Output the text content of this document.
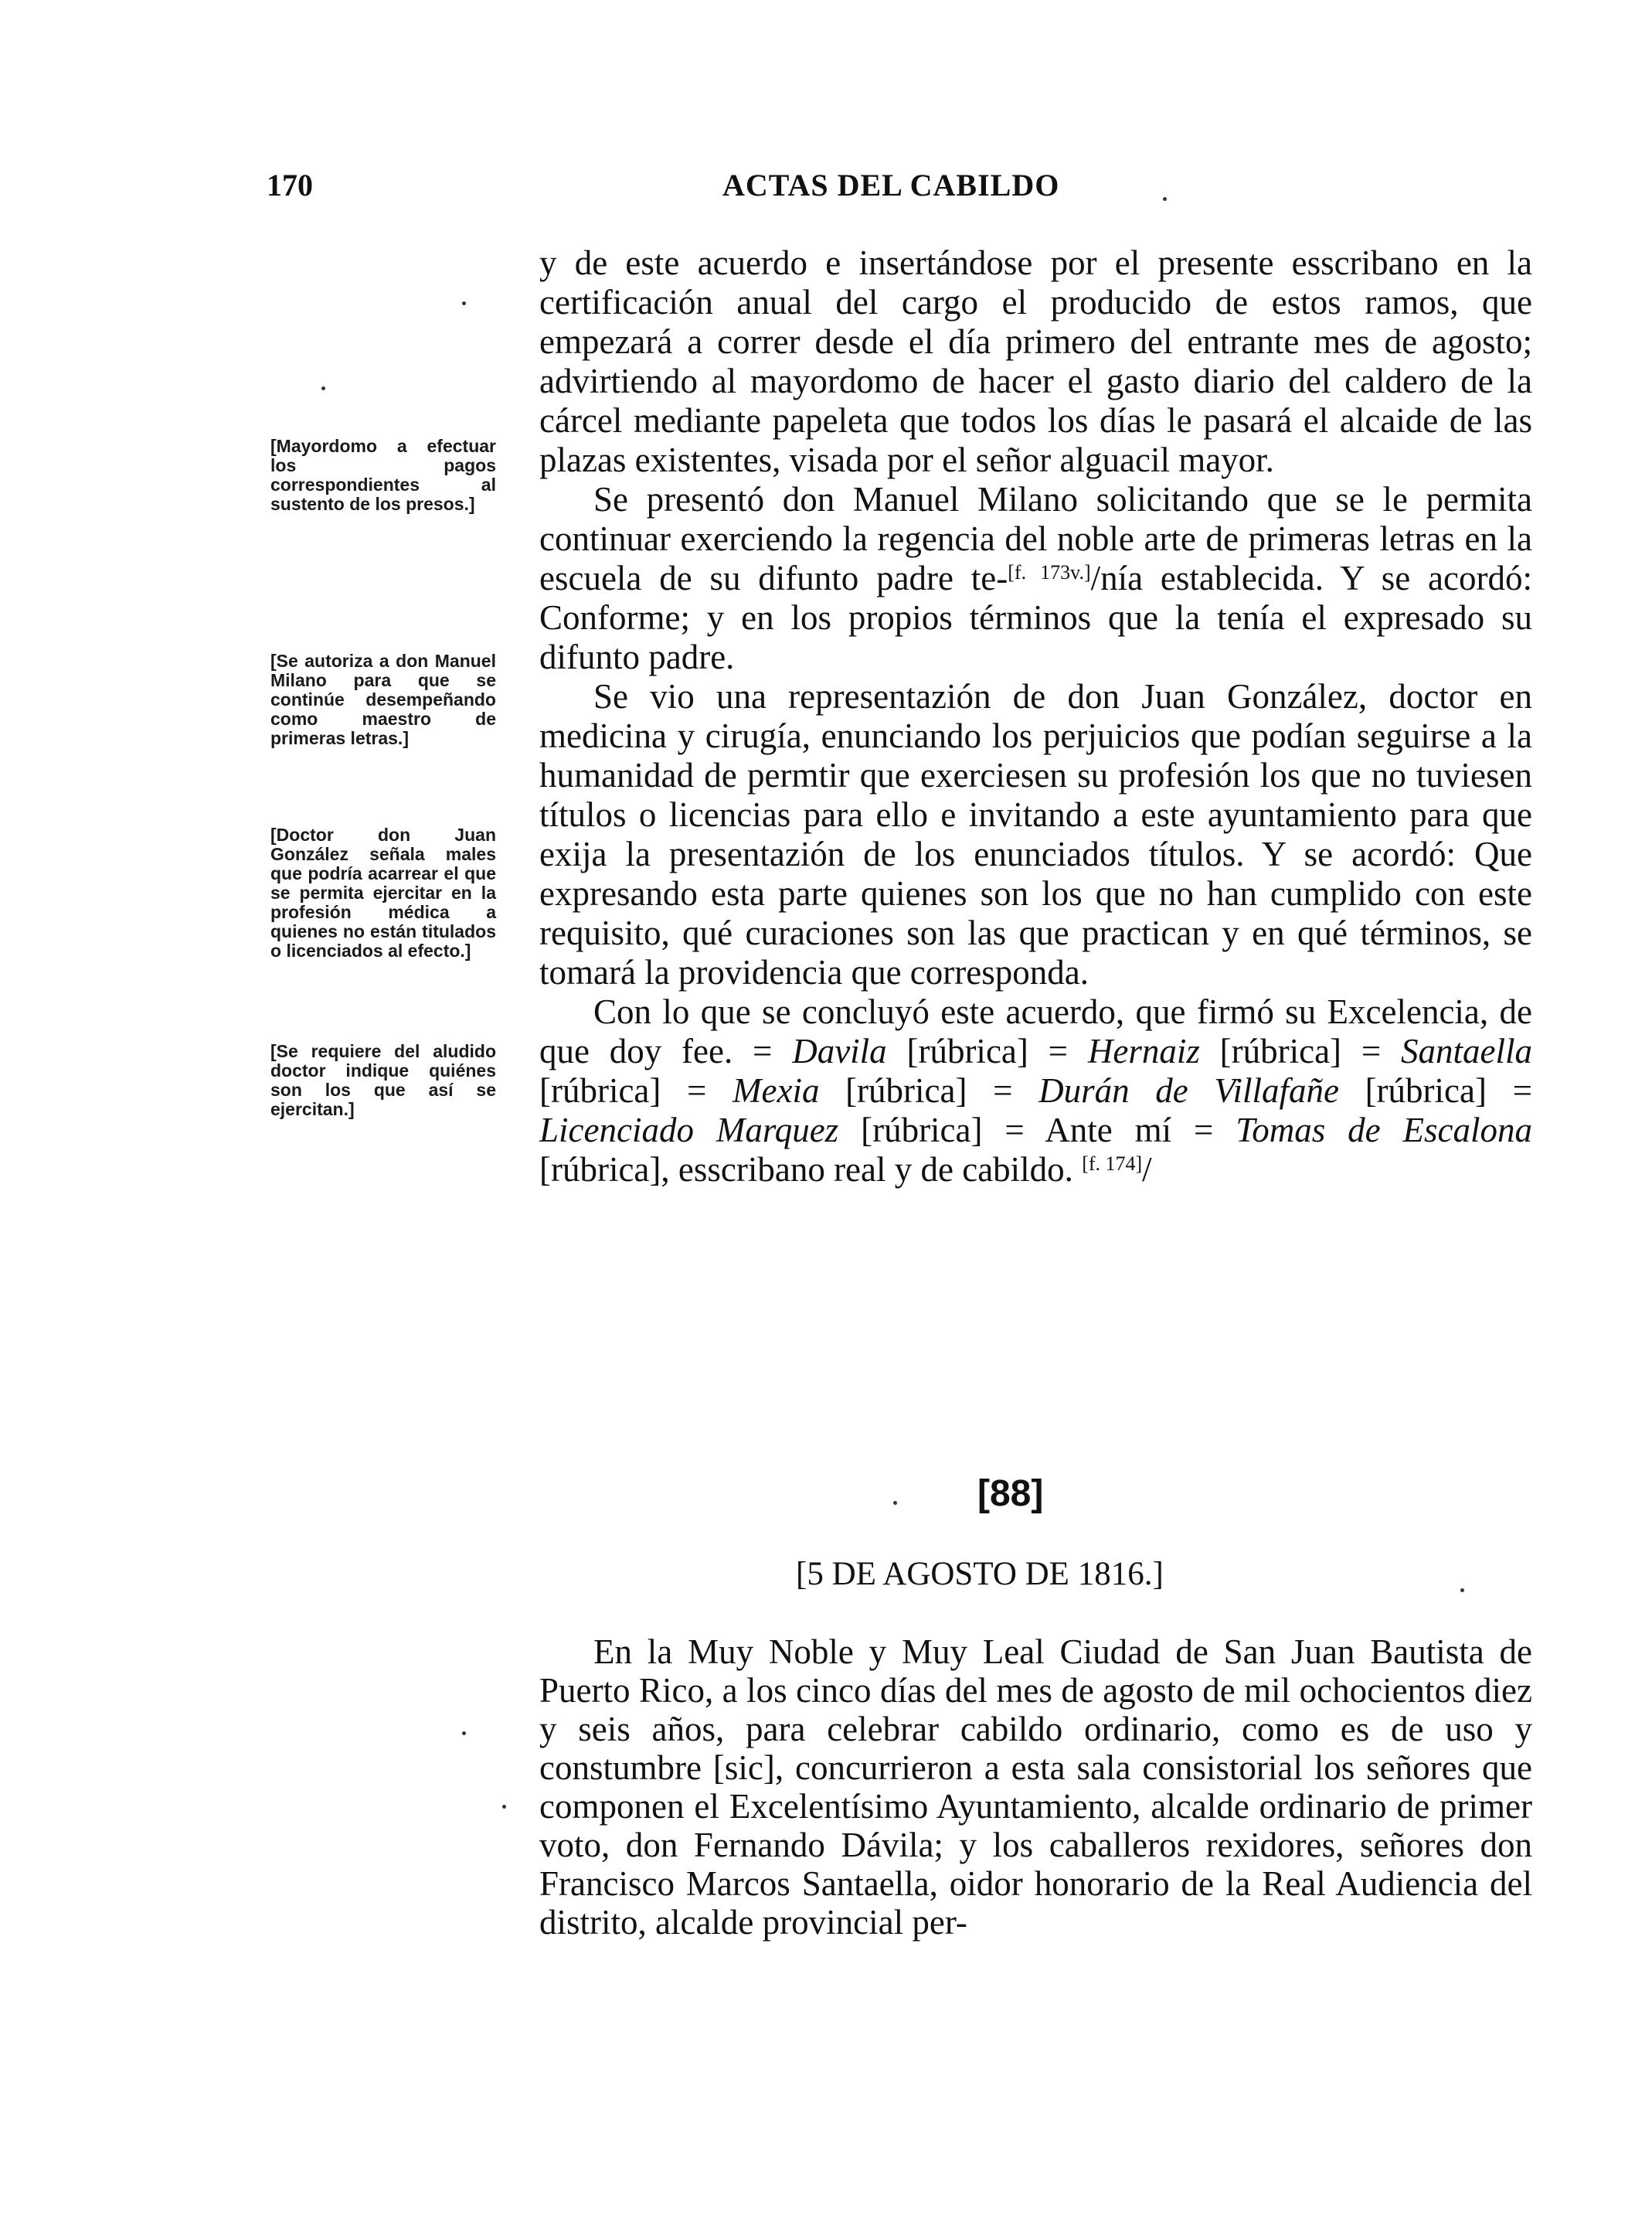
170	ACTAS DEL CABILDO
[Mayordomo a efectuar los pagos correspondientes al sustento de los presos.]
[Se autoriza a don Manuel Milano para que se continúe desempeñando como maestro de primeras letras.]
[Doctor don Juan González señala males que podría acarrear el que se permita ejercitar en la profesión médica a quienes no están titulados o licenciados al efecto.]
[Se requiere del aludido doctor indique quiénes son los que así se ejercitan.]

y de este acuerdo e insertándose por el presente esscribano en la certificación anual del cargo el producido de estos ramos, que empezará a correr desde el día primero del entrante mes de agosto; advirtiendo al mayordomo de hacer el gasto diario del caldero de la cárcel mediante papeleta que todos los días le pasará el alcaide de las plazas existentes, visada por el señor alguacil mayor.

Se presentó don Manuel Milano solicitando que se le permita continuar exerciendo la regencia del noble arte de primeras letras en la escuela de su difunto padre te-[f. 173v.]/nía establecida. Y se acordó: Conforme; y en los propios términos que la tenía el expresado su difunto padre.

Se vio una representazión de don Juan González, doctor en medicina y cirugía, enunciando los perjuicios que podían seguirse a la humanidad de permtir que exerciesen su profesión los que no tuviesen títulos o licencias para ello e invitando a este ayuntamiento para que exija la presentazión de los enunciados títulos. Y se acordó: Que expresando esta parte quienes son los que no han cumplido con este requisito, qué curaciones son las que practican y en qué términos, se tomará la providencia que corresponda.

Con lo que se concluyó este acuerdo, que firmó su Excelencia, de que doy fee. = Davila [rúbrica] = Hernaiz [rúbrica] = Santaella [rúbrica] = Mexia [rúbrica] = Durán de Villafañe [rúbrica] = Licenciado Marquez [rúbrica] = Ante mí = Tomas de Escalona [rúbrica], esscribano real y de cabildo. [f. 174]/

[88]
[5 DE AGOSTO DE 1816.]

En la Muy Noble y Muy Leal Ciudad de San Juan Bautista de Puerto Rico, a los cinco días del mes de agosto de mil ochocientos diez y seis años, para celebrar cabildo ordinario, como es de uso y constumbre [sic], concurrieron a esta sala consistorial los señores que componen el Excelentísimo Ayuntamiento, alcalde ordinario de primer voto, don Fernando Dávila; y los caballeros rexidores, señores don Francisco Marcos Santaella, oidor honorario de la Real Audiencia del distrito, alcalde provincial per-
